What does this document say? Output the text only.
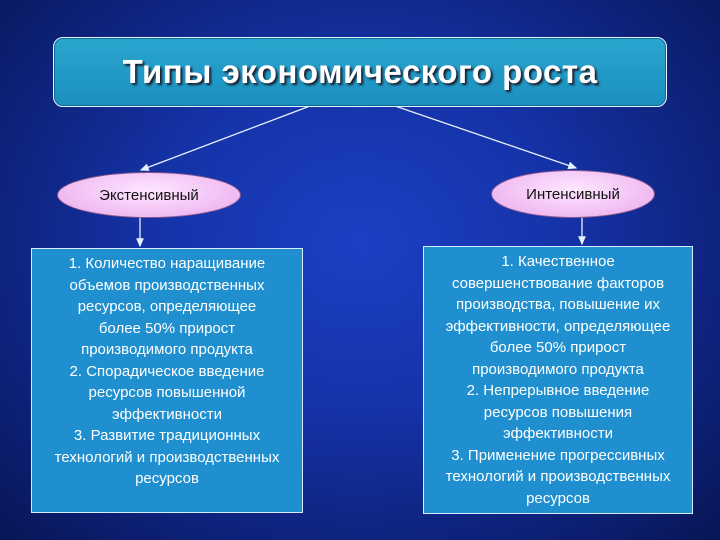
Типы экономического роста
Экстенсивный	Интенсивный
1. Количество наращивание
объемов производственных
ресурсов, определяющее
более 50% прирост
производимого продукта
2. Спорадическое введение
ресурсов повышенной
эффективности
3. Развитие традиционных
технологий и производственных
ресурсов
1. Качественное
совершенствование факторов
производства, повышение их
эффективности, определяющее
более 50% прирост
производимого продукта
2. Непрерывное введение
ресурсов повышения
эффективности
3. Применение прогрессивных
технологий и производственных
ресурсов
